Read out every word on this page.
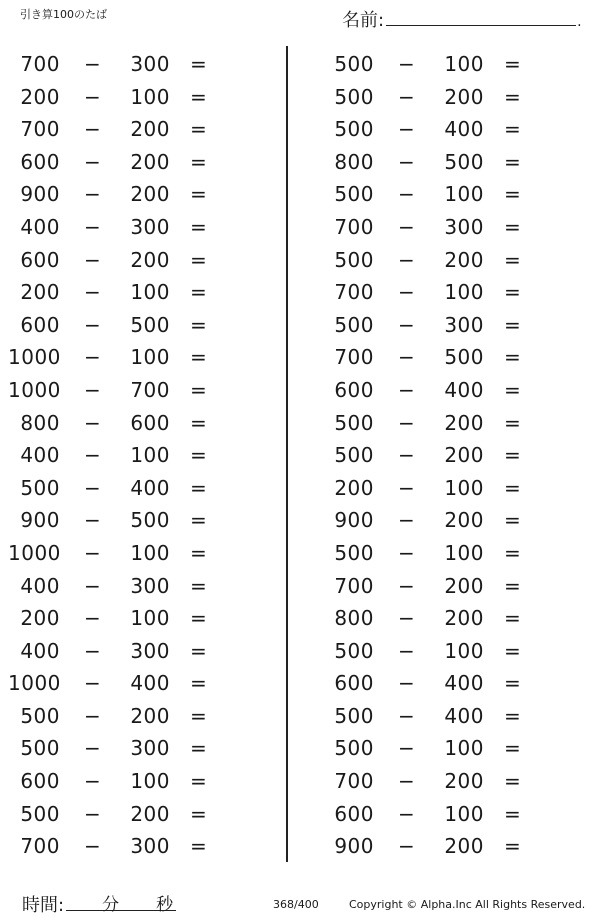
引き算100のたば	名前:	.
700 −	300 =
200 −	100 =
700 −	200 =
600 −	200 =
900 −	200 =
400 −	300 =
600 −	200 =
200 −	100 =
600 −	500 =
1000 −	100 =
1000 −	700 =
800 −	600 =
400 −	100 =
500 −	400 =
900 −	500 =
1000 −	100 =
400 −	300 =
200 −	100 =
400 −	300 =
1000 −	400 =
500 −	200 =
500 −	300 =
600 −	100 =
500 −	200 =
700 −	300 =
500 −	100 =
500 −	200 =
500 −	400 =
800 −	500 =
500 −	100 =
700 −	300 =
500 −	200 =
700 −	100 =
500 −	300 =
700 −	500 =
600 −	400 =
500 −	200 =
500 −	200 =
200 −	100 =
900 −	200 =
500 −	100 =
700 −	200 =
800 −	200 =
500 −	100 =
600 −	400 =
500 −	400 =
500 −	100 =
700 −	200 =
600 −	100 =
900 −	200 =
時間: 分 秒	368/400	Copyright © Alpha.Inc All Rights Reserved.
